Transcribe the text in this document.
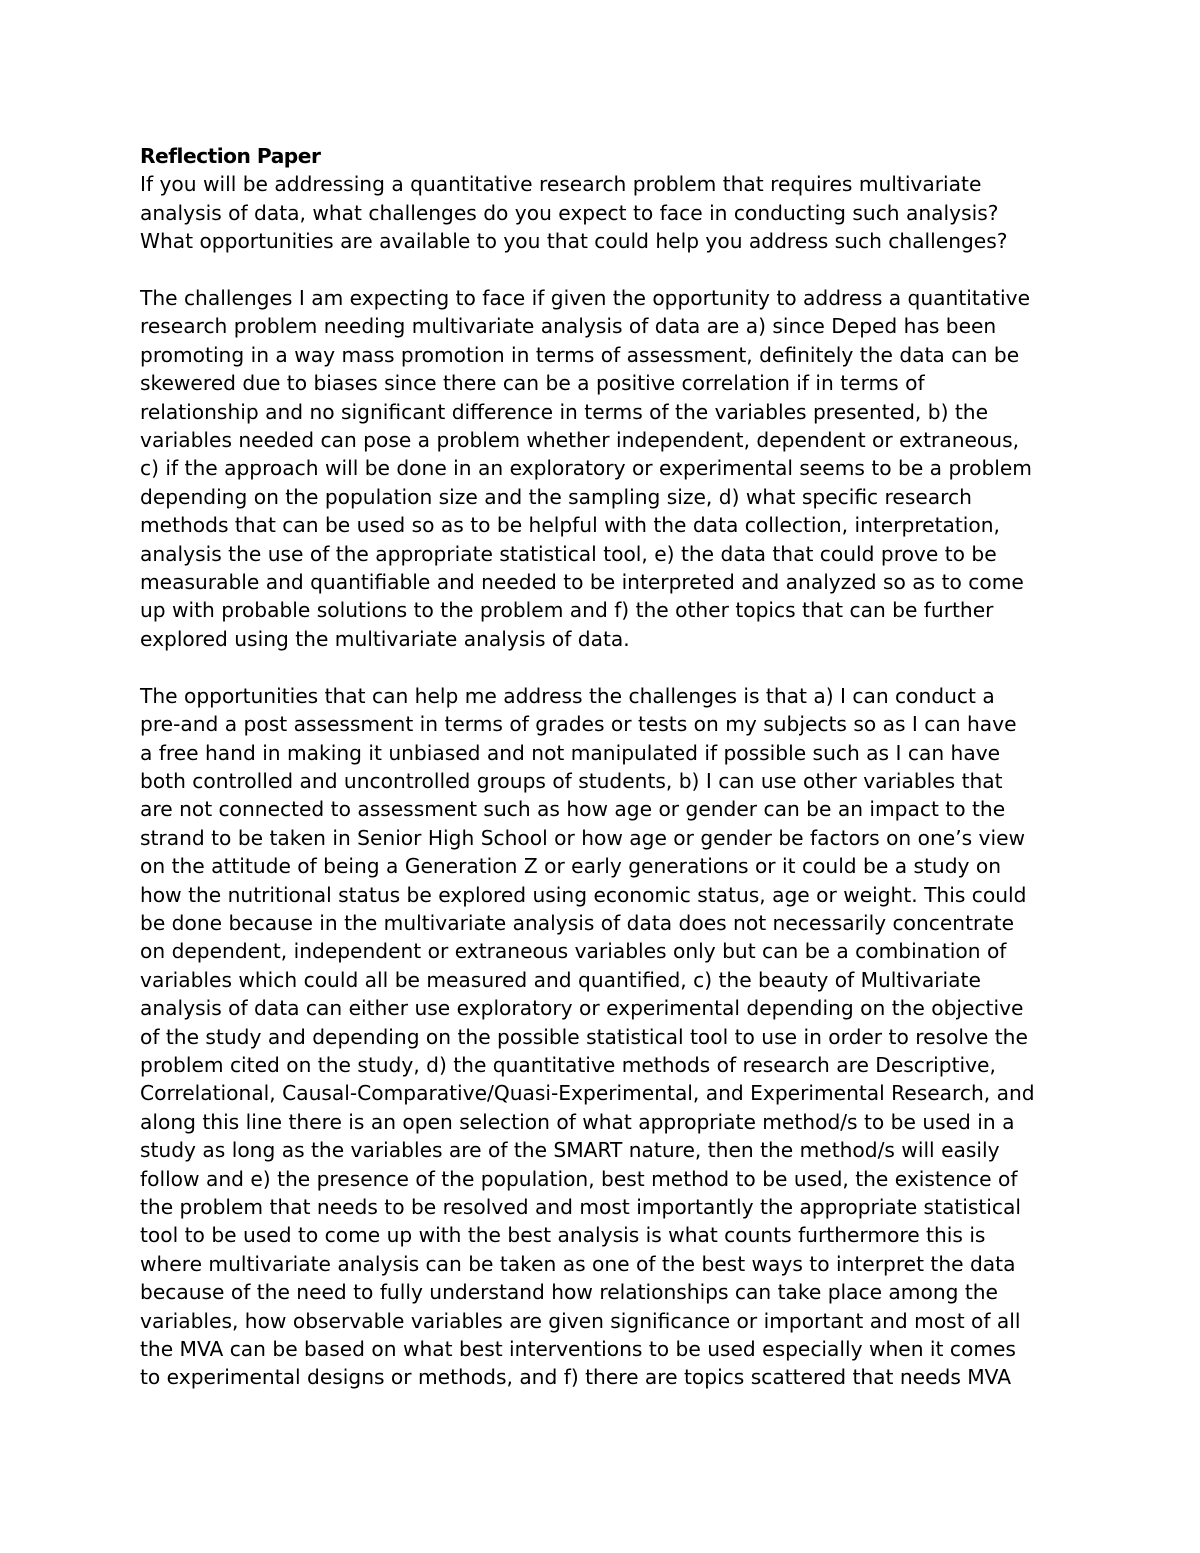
Reflection Paper
If you will be addressing a quantitative research problem that requires multivariate
analysis of data, what challenges do you expect to face in conducting such analysis?
What opportunities are available to you that could help you address such challenges?
The challenges I am expecting to face if given the opportunity to address a quantitative
research problem needing multivariate analysis of data are a) since Deped has been
promoting in a way mass promotion in terms of assessment, definitely the data can be
skewered due to biases since there can be a positive correlation if in terms of
relationship and no significant difference in terms of the variables presented, b) the
variables needed can pose a problem whether independent, dependent or extraneous,
c) if the approach will be done in an exploratory or experimental seems to be a problem
depending on the population size and the sampling size, d) what specific research
methods that can be used so as to be helpful with the data collection, interpretation,
analysis the use of the appropriate statistical tool, e) the data that could prove to be
measurable and quantifiable and needed to be interpreted and analyzed so as to come
up with probable solutions to the problem and f) the other topics that can be further
explored using the multivariate analysis of data.
The opportunities that can help me address the challenges is that a) I can conduct a
pre-and a post assessment in terms of grades or tests on my subjects so as I can have
a free hand in making it unbiased and not manipulated if possible such as I can have
both controlled and uncontrolled groups of students, b) I can use other variables that
are not connected to assessment such as how age or gender can be an impact to the
strand to be taken in Senior High School or how age or gender be factors on one’s view
on the attitude of being a Generation Z or early generations or it could be a study on
how the nutritional status be explored using economic status, age or weight. This could
be done because in the multivariate analysis of data does not necessarily concentrate
on dependent, independent or extraneous variables only but can be a combination of
variables which could all be measured and quantified, c) the beauty of Multivariate
analysis of data can either use exploratory or experimental depending on the objective
of the study and depending on the possible statistical tool to use in order to resolve the
problem cited on the study, d) the quantitative methods of research are Descriptive,
Correlational, Causal-Comparative/Quasi-Experimental, and Experimental Research, and
along this line there is an open selection of what appropriate method/s to be used in a
study as long as the variables are of the SMART nature, then the method/s will easily
follow and e) the presence of the population, best method to be used, the existence of
the problem that needs to be resolved and most importantly the appropriate statistical
tool to be used to come up with the best analysis is what counts furthermore this is
where multivariate analysis can be taken as one of the best ways to interpret the data
because of the need to fully understand how relationships can take place among the
variables, how observable variables are given significance or important and most of all
the MVA can be based on what best interventions to be used especially when it comes
to experimental designs or methods, and f) there are topics scattered that needs MVA
